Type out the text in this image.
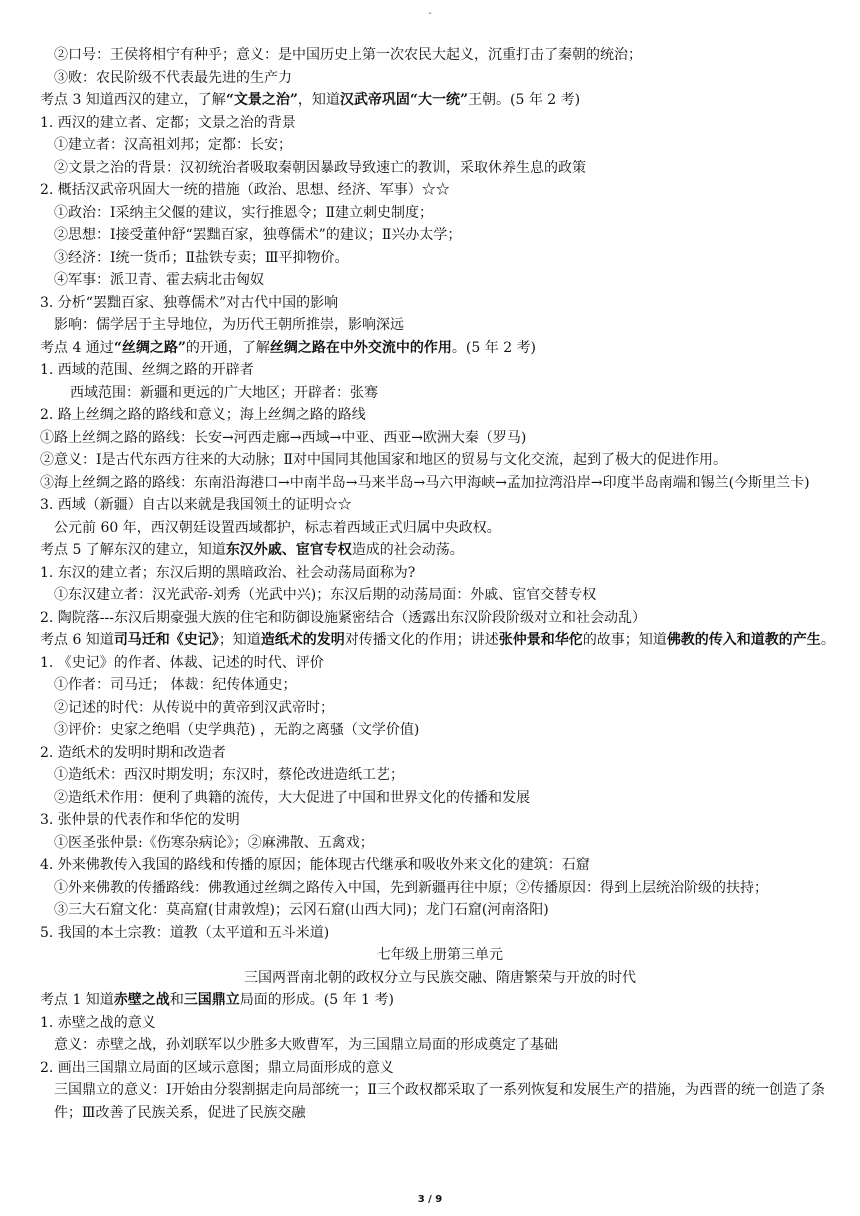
-
②口号：王侯将相宁有种乎；意义：是中国历史上第一次农民大起义，沉重打击了秦朝的统治；
③败：农民阶级不代表最先进的生产力
考点 3 知道西汉的建立，了解“文景之治”，知道汉武帝巩固“大一统”王朝。(5 年 2 考)
1. 西汉的建立者、定都；文景之治的背景
①建立者：汉高祖刘邦；定都：长安；
②文景之治的背景：汉初统治者吸取秦朝因暴政导致速亡的教训，采取休养生息的政策
2. 概括汉武帝巩固大一统的措施（政治、思想、经济、军事）☆☆
①政治：Ⅰ采纳主父偃的建议，实行推恩令；Ⅱ建立刺史制度；
②思想：Ⅰ接受董仲舒“罢黜百家，独尊儒术”的建议；Ⅱ兴办太学；
③经济：Ⅰ统一货币；Ⅱ盐铁专卖；Ⅲ平抑物价。
④军事：派卫青、霍去病北击匈奴
3. 分析“罢黜百家、独尊儒术”对古代中国的影响
影响：儒学居于主导地位，为历代王朝所推崇，影响深远
考点 4 通过“丝绸之路”的开通，了解丝绸之路在中外交流中的作用。(5 年 2 考)
1. 西域的范围、丝绸之路的开辟者
西域范围：新疆和更远的广大地区；开辟者：张骞
2. 路上丝绸之路的路线和意义；海上丝绸之路的路线
①路上丝绸之路的路线：长安→河西走廊→西域→中亚、西亚→欧洲大秦（罗马)
②意义：Ⅰ是古代东西方往来的大动脉；Ⅱ对中国同其他国家和地区的贸易与文化交流，起到了极大的促进作用。
③海上丝绸之路的路线：东南沿海港口→中南半岛→马来半岛→马六甲海峡→孟加拉湾沿岸→印度半岛南端和锡兰(今斯里兰卡)
3. 西域（新疆）自古以来就是我国领土的证明☆☆
公元前 60 年，西汉朝廷设置西域都护，标志着西域正式归属中央政权。
考点 5 了解东汉的建立，知道东汉外戚、宦官专权造成的社会动荡。
1. 东汉的建立者；东汉后期的黑暗政治、社会动荡局面称为?
①东汉建立者：汉光武帝-刘秀（光武中兴)；东汉后期的动荡局面：外戚、宦官交替专权
2. 陶院落---东汉后期豪强大族的住宅和防御设施紧密结合（透露出东汉阶段阶级对立和社会动乱）
考点 6 知道司马迁和《史记》；知道造纸术的发明对传播文化的作用；讲述张仲景和华佗的故事；知道佛教的传入和道教的产生。
1. 《史记》的作者、体裁、记述的时代、评价
①作者：司马迁； 体裁：纪传体通史；
②记述的时代：从传说中的黄帝到汉武帝时；
③评价：史家之绝唱（史学典范) ，无韵之离骚（文学价值)
2. 造纸术的发明时期和改造者
①造纸术：西汉时期发明；东汉时，蔡伦改进造纸工艺；
②造纸术作用：便利了典籍的流传，大大促进了中国和世界文化的传播和发展
3. 张仲景的代表作和华佗的发明
①医圣张仲景:《伤寒杂病论》；②麻沸散、五禽戏；
4. 外来佛教传入我国的路线和传播的原因；能体现古代继承和吸收外来文化的建筑：石窟
①外来佛教的传播路线：佛教通过丝绸之路传入中国，先到新疆再往中原；②传播原因：得到上层统治阶级的扶持；
③三大石窟文化：莫高窟(甘肃敦煌)；云冈石窟(山西大同)；龙门石窟(河南洛阳)
5. 我国的本土宗教：道教（太平道和五斗米道)
七年级上册第三单元
三国两晋南北朝的政权分立与民族交融、隋唐繁荣与开放的时代
考点 1 知道赤壁之战和三国鼎立局面的形成。(5 年 1 考)
1. 赤壁之战的意义
意义：赤壁之战，孙刘联军以少胜多大败曹军，为三国鼎立局面的形成奠定了基础
2. 画出三国鼎立局面的区域示意图；鼎立局面形成的意义
三国鼎立的意义：Ⅰ开始由分裂割据走向局部统一；Ⅱ三个政权都采取了一系列恢复和发展生产的措施，为西晋的统一创造了条件；Ⅲ改善了民族关系，促进了民族交融
3 / 9
